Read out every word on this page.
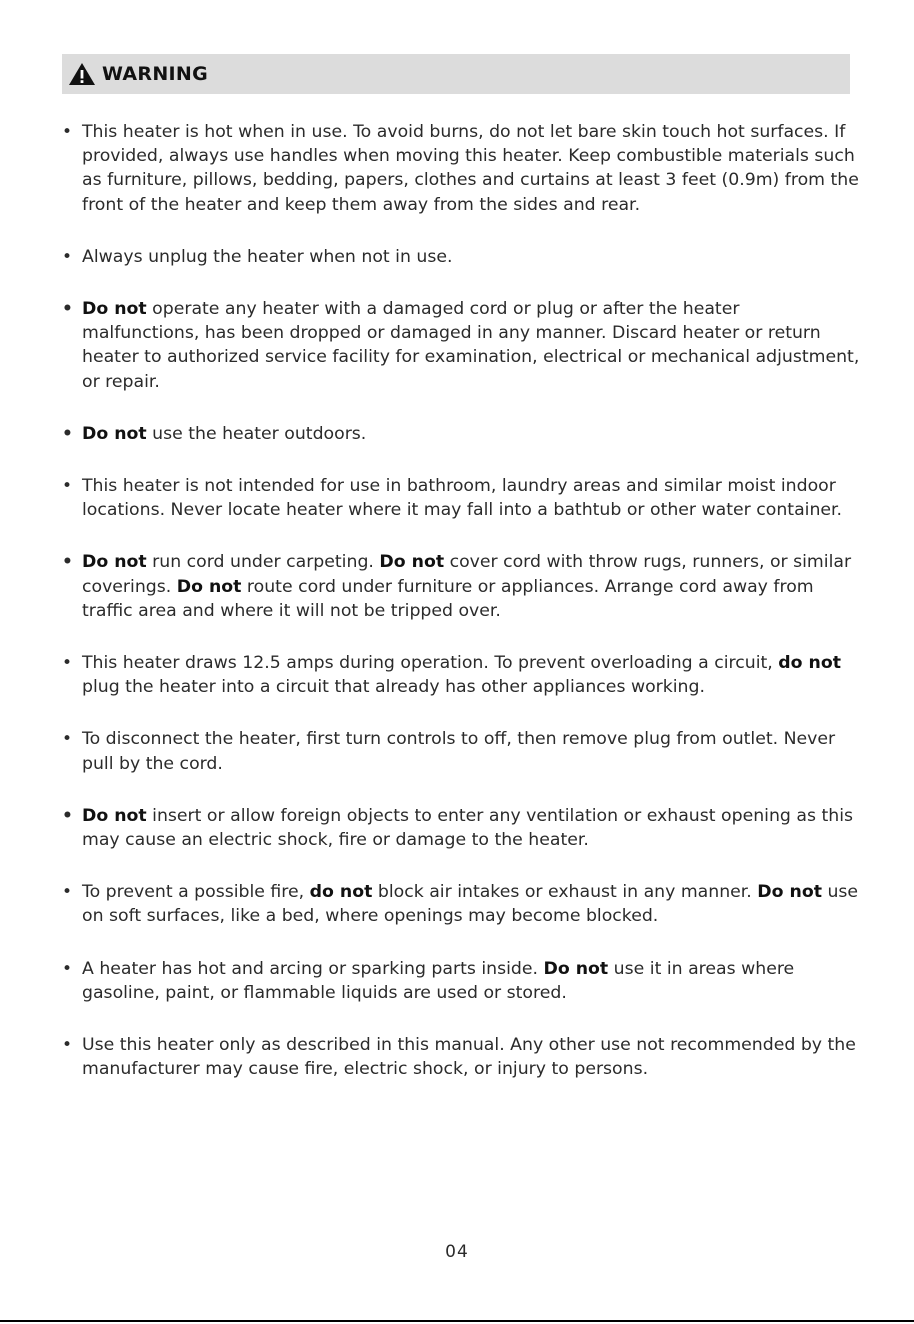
WARNING
• This heater is hot when in use. To avoid burns, do not let bare skin touch hot surfaces. If provided, always use handles when moving this heater. Keep combustible materials such as furniture, pillows, bedding, papers, clothes and curtains at least 3 feet (0.9m) from the front of the heater and keep them away from the sides and rear.
• Always unplug the heater when not in use.
• Do not operate any heater with a damaged cord or plug or after the heater malfunctions, has been dropped or damaged in any manner. Discard heater or return heater to authorized service facility for examination, electrical or mechanical adjustment, or repair.
• Do not use the heater outdoors.
• This heater is not intended for use in bathroom, laundry areas and similar moist indoor locations. Never locate heater where it may fall into a bathtub or other water container.
• Do not run cord under carpeting. Do not cover cord with throw rugs, runners, or similar coverings. Do not route cord under furniture or appliances. Arrange cord away from traffic area and where it will not be tripped over.
• This heater draws 12.5 amps during operation. To prevent overloading a circuit, do not plug the heater into a circuit that already has other appliances working.
• To disconnect the heater, first turn controls to off, then remove plug from outlet. Never pull by the cord.
• Do not insert or allow foreign objects to enter any ventilation or exhaust opening as this may cause an electric shock, fire or damage to the heater.
• To prevent a possible fire, do not block air intakes or exhaust in any manner. Do not use on soft surfaces, like a bed, where openings may become blocked.
• A heater has hot and arcing or sparking parts inside. Do not use it in areas where gasoline, paint, or flammable liquids are used or stored.
• Use this heater only as described in this manual. Any other use not recommended by the manufacturer may cause fire, electric shock, or injury to persons.
04
